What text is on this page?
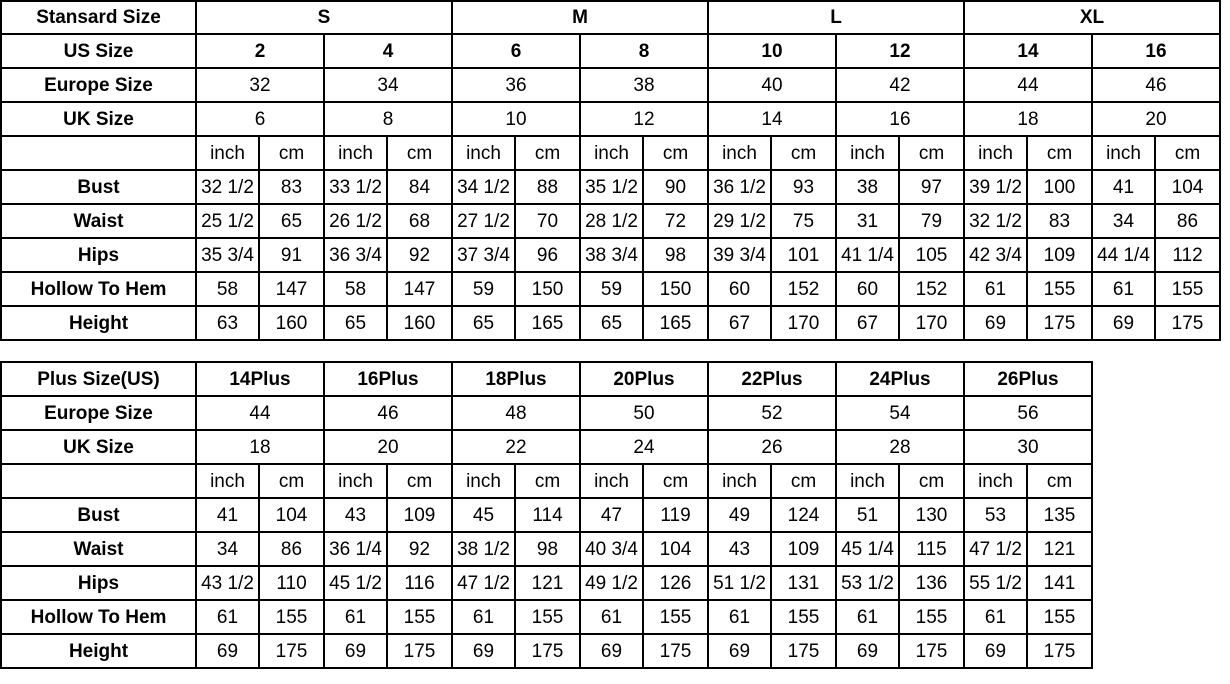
Stansard Size	S				M				L				XL			
US Size	2		4		6		8		10		12		14		16	
Europe Size	32		34		36		38		40		42		44		46	
UK Size	6		8		10		12		14		16		18		20	
	inch	cm	inch	cm	inch	cm	inch	cm	inch	cm	inch	cm	inch	cm	inch	cm
Bust	32 1/2	83	33 1/2	84	34 1/2	88	35 1/2	90	36 1/2	93	38	97	39 1/2	100	41	104
Waist	25 1/2	65	26 1/2	68	27 1/2	70	28 1/2	72	29 1/2	75	31	79	32 1/2	83	34	86
Hips	35 3/4	91	36 3/4	92	37 3/4	96	38 3/4	98	39 3/4	101	41 1/4	105	42 3/4	109	44 1/4	112
Hollow To Hem	58	147	58	147	59	150	59	150	60	152	60	152	61	155	61	155
Height	63	160	65	160	65	165	65	165	67	170	67	170	69	175	69	175
Plus Size(US)	14Plus		16Plus		18Plus		20Plus		22Plus		24Plus		26Plus	
Europe Size	44		46		48		50		52		54		56	
UK Size	18		20		22		24		26		28		30	
	inch	cm	inch	cm	inch	cm	inch	cm	inch	cm	inch	cm	inch	cm
Bust	41	104	43	109	45	114	47	119	49	124	51	130	53	135
Waist	34	86	36 1/4	92	38 1/2	98	40 3/4	104	43	109	45 1/4	115	47 1/2	121
Hips	43 1/2	110	45 1/2	116	47 1/2	121	49 1/2	126	51 1/2	131	53 1/2	136	55 1/2	141
Hollow To Hem	61	155	61	155	61	155	61	155	61	155	61	155	61	155
Height	69	175	69	175	69	175	69	175	69	175	69	175	69	175
